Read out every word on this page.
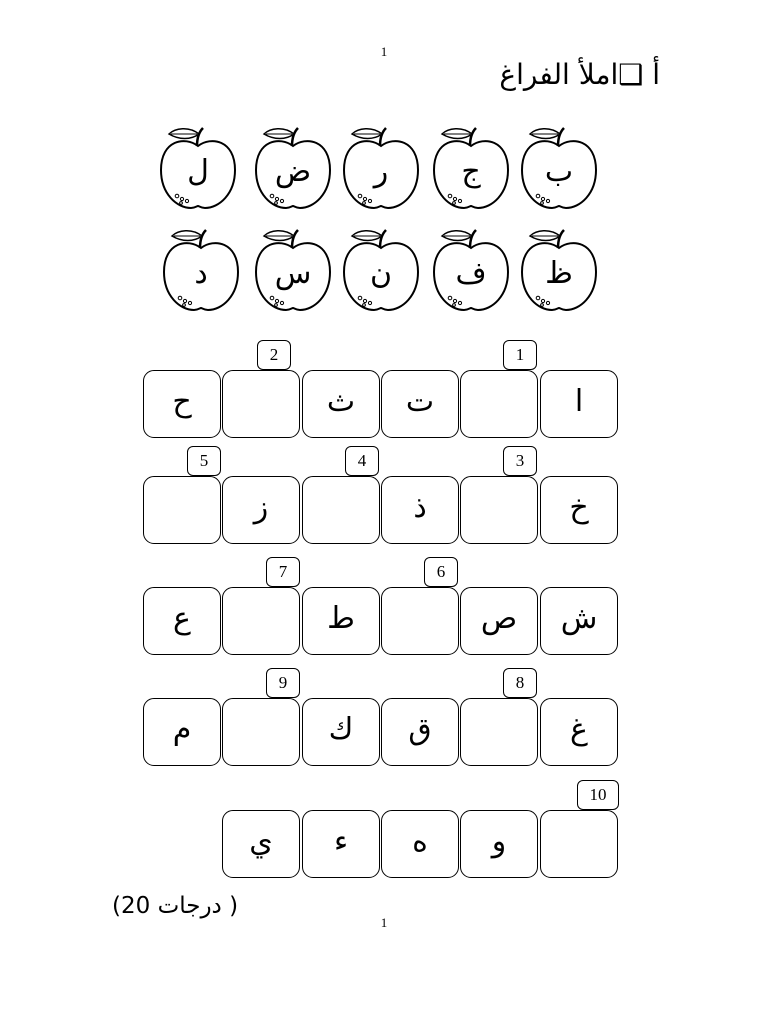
1
أ ❑املأ الفراغ
ب
ج
ر
ض
ل
ظ
ف
ن
س
د
ا
ت
ث
ح
1
2
خ
ذ
ز
3
4
5
ش
ص
ط
ع
6
7
غ
ق
ك
م
8
9
و
ه
ء
ي
10
(20 درجات )
1
